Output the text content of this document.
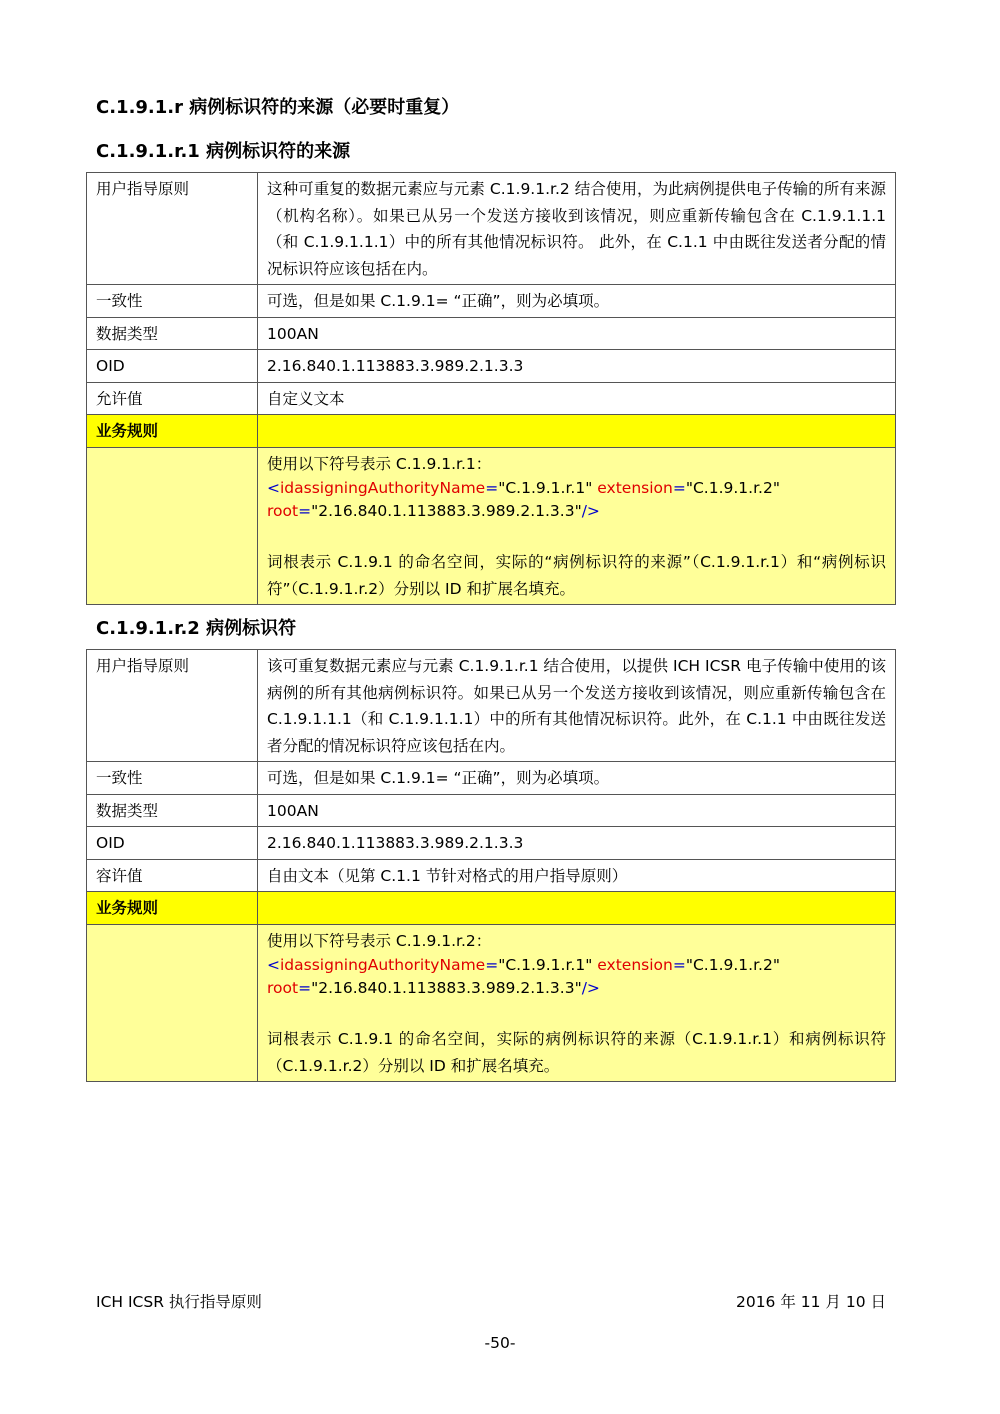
C.1.9.1.r 病例标识符的来源（必要时重复）
C.1.9.1.r.1 病例标识符的来源
用户指导原则	这种可重复的数据元素应与元素 C.1.9.1.r.2 结合使用，为此病例提供电子传输的所有来源（机构名称）。如果已从另一个发送方接收到该情况，则应重新传输包含在 C.1.9.1.1.1（和 C.1.9.1.1.1）中的所有其他情况标识符。 此外，在 C.1.1 中由既往发送者分配的情况标识符应该包括在内。
一致性	可选，但是如果 C.1.9.1= “正确”，则为必填项。
数据类型	100AN
OID	2.16.840.1.113883.3.989.2.1.3.3
允许值	自定义文本
业务规则	

	使用以下符号表示 C.1.9.1.r.1：
<idassigningAuthorityName="C.1.9.1.r.1" extension="C.1.9.1.r.2"
root="2.16.840.1.113883.3.989.2.1.3.3"/>
词根表示 C.1.9.1 的命名空间，实际的“病例标识符的来源”（C.1.9.1.r.1）和“病例标识符”（C.1.9.1.r.2）分别以 ID 和扩展名填充。
C.1.9.1.r.2 病例标识符
用户指导原则	该可重复数据元素应与元素 C.1.9.1.r.1 结合使用，以提供 ICH ICSR 电子传输中使用的该病例的所有其他病例标识符。如果已从另一个发送方接收到该情况，则应重新传输包含在 C.1.9.1.1.1（和 C.1.9.1.1.1）中的所有其他情况标识符。此外，在 C.1.1 中由既往发送者分配的情况标识符应该包括在内。
一致性	可选，但是如果 C.1.9.1= “正确”，则为必填项。
数据类型	100AN
OID	2.16.840.1.113883.3.989.2.1.3.3
容许值	自由文本（见第 C.1.1 节针对格式的用户指导原则）
业务规则	

	使用以下符号表示 C.1.9.1.r.2：
<idassigningAuthorityName="C.1.9.1.r.1" extension="C.1.9.1.r.2"
root="2.16.840.1.113883.3.989.2.1.3.3"/>
词根表示 C.1.9.1 的命名空间，实际的病例标识符的来源（C.1.9.1.r.1）和病例标识符（C.1.9.1.r.2）分别以 ID 和扩展名填充。
ICH ICSR 执行指导原则	2016 年 11 月 10 日
-50-
